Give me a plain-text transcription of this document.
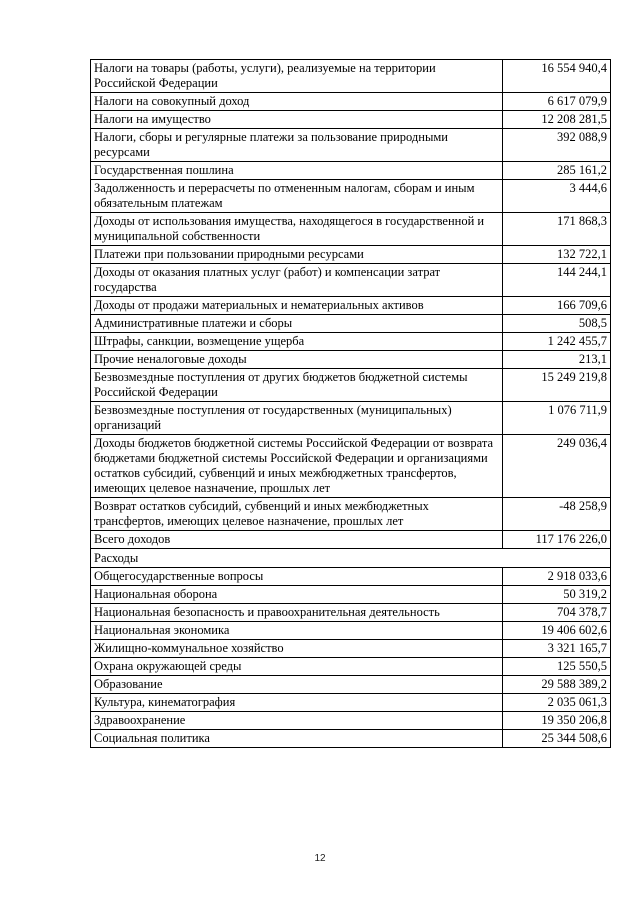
Налоги на товары (работы, услуги), реализуемые на территории Российской Федерации	16 554 940,4
Налоги на совокупный доход	6 617 079,9
Налоги на имущество	12 208 281,5
Налоги, сборы и регулярные платежи за пользование природными ресурсами	392 088,9
Государственная пошлина	285 161,2
Задолженность и перерасчеты по отмененным налогам, сборам и иным обязательным платежам	3 444,6
Доходы от использования имущества, находящегося в государственной и муниципальной собственности	171 868,3
Платежи при пользовании природными ресурсами	132 722,1
Доходы от оказания платных услуг (работ) и компенсации затрат государства	144 244,1
Доходы от продажи материальных и нематериальных активов	166 709,6
Административные платежи и сборы	508,5
Штрафы, санкции, возмещение ущерба	1 242 455,7
Прочие неналоговые доходы	213,1
Безвозмездные поступления от других бюджетов бюджетной системы Российской Федерации	15 249 219,8
Безвозмездные поступления от государственных (муниципальных) организаций	1 076 711,9
Доходы бюджетов бюджетной системы Российской Федерации от возврата бюджетами бюджетной системы Российской Федерации и организациями остатков субсидий, субвенций и иных межбюджетных трансфертов, имеющих целевое назначение, прошлых лет	249 036,4
Возврат остатков субсидий, субвенций и иных межбюджетных трансфертов, имеющих целевое назначение, прошлых лет	-48 258,9
Всего доходов	117 176 226,0
Расходы	
Общегосударственные вопросы	2 918 033,6
Национальная оборона	50 319,2
Национальная безопасность и правоохранительная деятельность	704 378,7
Национальная экономика	19 406 602,6
Жилищно-коммунальное хозяйство	3 321 165,7
Охрана окружающей среды	125 550,5
Образование	29 588 389,2
Культура, кинематография	2 035 061,3
Здравоохранение	19 350 206,8
Социальная политика	25 344 508,6
12
